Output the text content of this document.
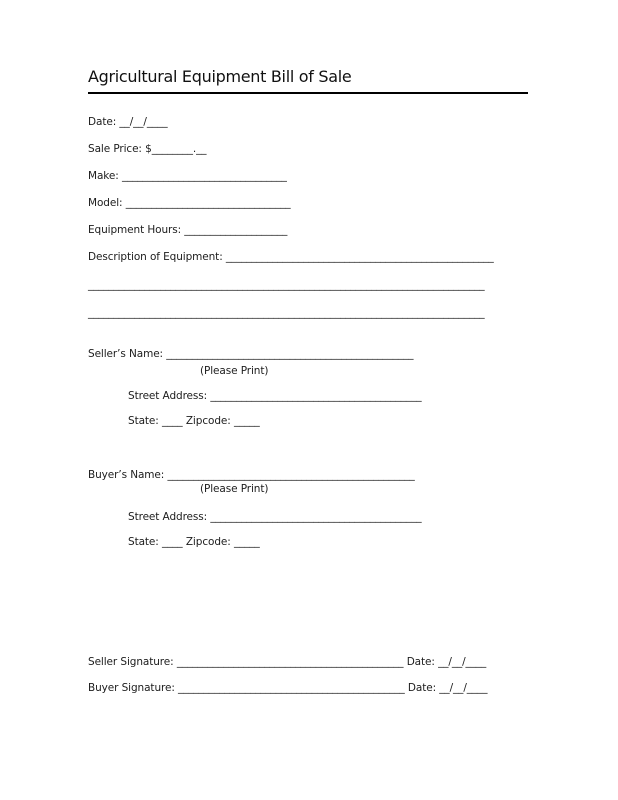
Agricultural Equipment Bill of Sale
Date: __/__/____
Sale Price: $________.__
Make: ________________________________
Model: ________________________________
Equipment Hours: ____________________
Description of Equipment: ____________________________________________________
_____________________________________________________________________________
_____________________________________________________________________________
Seller’s Name: ________________________________________________
(Please Print)
Street Address: _________________________________________
State: ____ Zipcode: _____
Buyer’s Name: ________________________________________________
(Please Print)
Street Address: _________________________________________
State: ____ Zipcode: _____
Seller Signature: ____________________________________________ Date: __/__/____
Buyer Signature: ____________________________________________ Date: __/__/____
